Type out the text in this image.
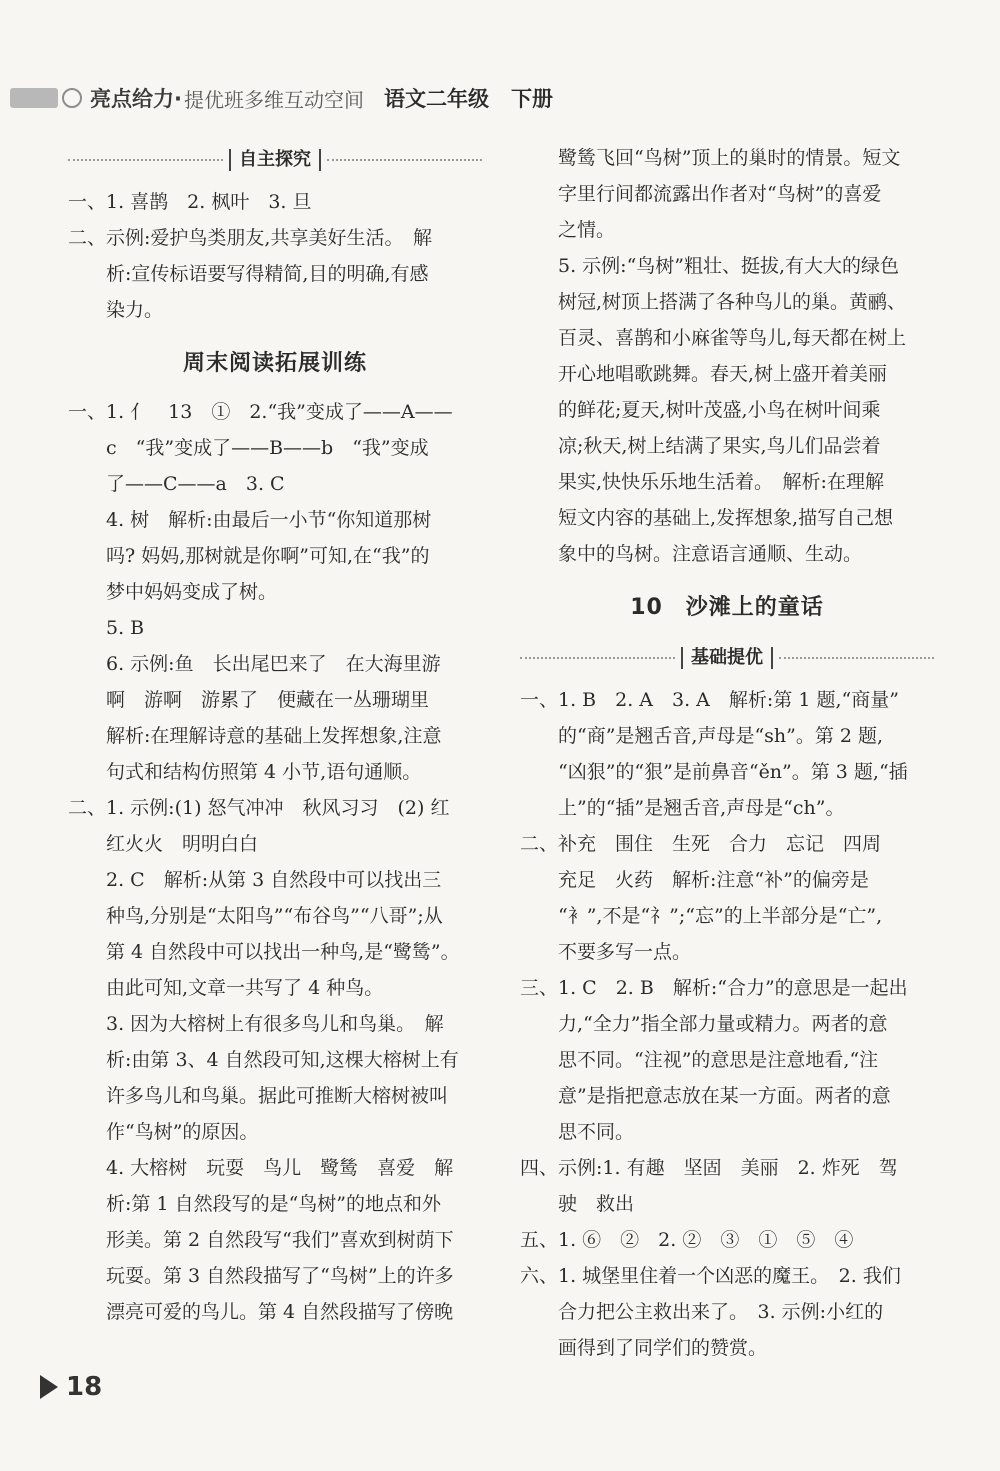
亮点给力· 提优班多维互动空间 语文二年级 下册
自主探究

一、1. 喜鹊　2. 枫叶　3. 旦

二、示例:爱护鸟类朋友,共享美好生活。　解

析:宣传标语要写得精简,目的明确,有感

染力。

周末阅读拓展训练

一、1. 亻　13　①　2.“我”变成了——A——

c　“我”变成了——B——b　“我”变成

了——C——a　3. C

4. 树　解析:由最后一小节“你知道那树

吗? 妈妈,那树就是你啊”可知,在“我”的

梦中妈妈变成了树。

5. B

6. 示例:鱼　长出尾巴来了　在大海里游

啊　游啊　游累了　便藏在一丛珊瑚里

解析:在理解诗意的基础上发挥想象,注意

句式和结构仿照第 4 小节,语句通顺。

二、1. 示例:(1) 怒气冲冲　秋风习习　(2) 红

红火火　明明白白

2. C　解析:从第 3 自然段中可以找出三

种鸟,分别是“太阳鸟”“布谷鸟”“八哥”;从

第 4 自然段中可以找出一种鸟,是“鹭鸶”。

由此可知,文章一共写了 4 种鸟。

3. 因为大榕树上有很多鸟儿和鸟巢。　解

析:由第 3、4 自然段可知,这棵大榕树上有

许多鸟儿和鸟巢。据此可推断大榕树被叫

作“鸟树”的原因。

4. 大榕树　玩耍　鸟儿　鹭鸶　喜爱　解

析:第 1 自然段写的是“鸟树”的地点和外

形美。第 2 自然段写“我们”喜欢到树荫下

玩耍。第 3 自然段描写了“鸟树”上的许多

漂亮可爱的鸟儿。第 4 自然段描写了傍晚

鹭鸶飞回“鸟树”顶上的巢时的情景。短文

字里行间都流露出作者对“鸟树”的喜爱

之情。

5. 示例:“鸟树”粗壮、挺拔,有大大的绿色

树冠,树顶上搭满了各种鸟儿的巢。黄鹂、

百灵、喜鹊和小麻雀等鸟儿,每天都在树上

开心地唱歌跳舞。春天,树上盛开着美丽

的鲜花;夏天,树叶茂盛,小鸟在树叶间乘

凉;秋天,树上结满了果实,鸟儿们品尝着

果实,快快乐乐地生活着。　解析:在理解

短文内容的基础上,发挥想象,描写自己想

象中的鸟树。注意语言通顺、生动。

10　沙滩上的童话
基础提优

一、1. B　2. A　3. A　解析:第 1 题,“商量”

的“商”是翘舌音,声母是“sh”。第 2 题,

“凶狠”的“狠”是前鼻音“ěn”。第 3 题,“插

上”的“插”是翘舌音,声母是“ch”。

二、补充　围住　生死　合力　忘记　四周

充足　火药　解析:注意“补”的偏旁是

“衤”,不是“礻”;“忘”的上半部分是“亡”,

不要多写一点。

三、1. C　2. B　解析:“合力”的意思是一起出

力,“全力”指全部力量或精力。两者的意

思不同。“注视”的意思是注意地看,“注

意”是指把意志放在某一方面。两者的意

思不同。

四、示例:1. 有趣　坚固　美丽　2. 炸死　驾

驶　救出

五、1. ⑥　②　2. ②　③　①　⑤　④

六、1. 城堡里住着一个凶恶的魔王。　2. 我们

合力把公主救出来了。　3. 示例:小红的

画得到了同学们的赞赏。

18
